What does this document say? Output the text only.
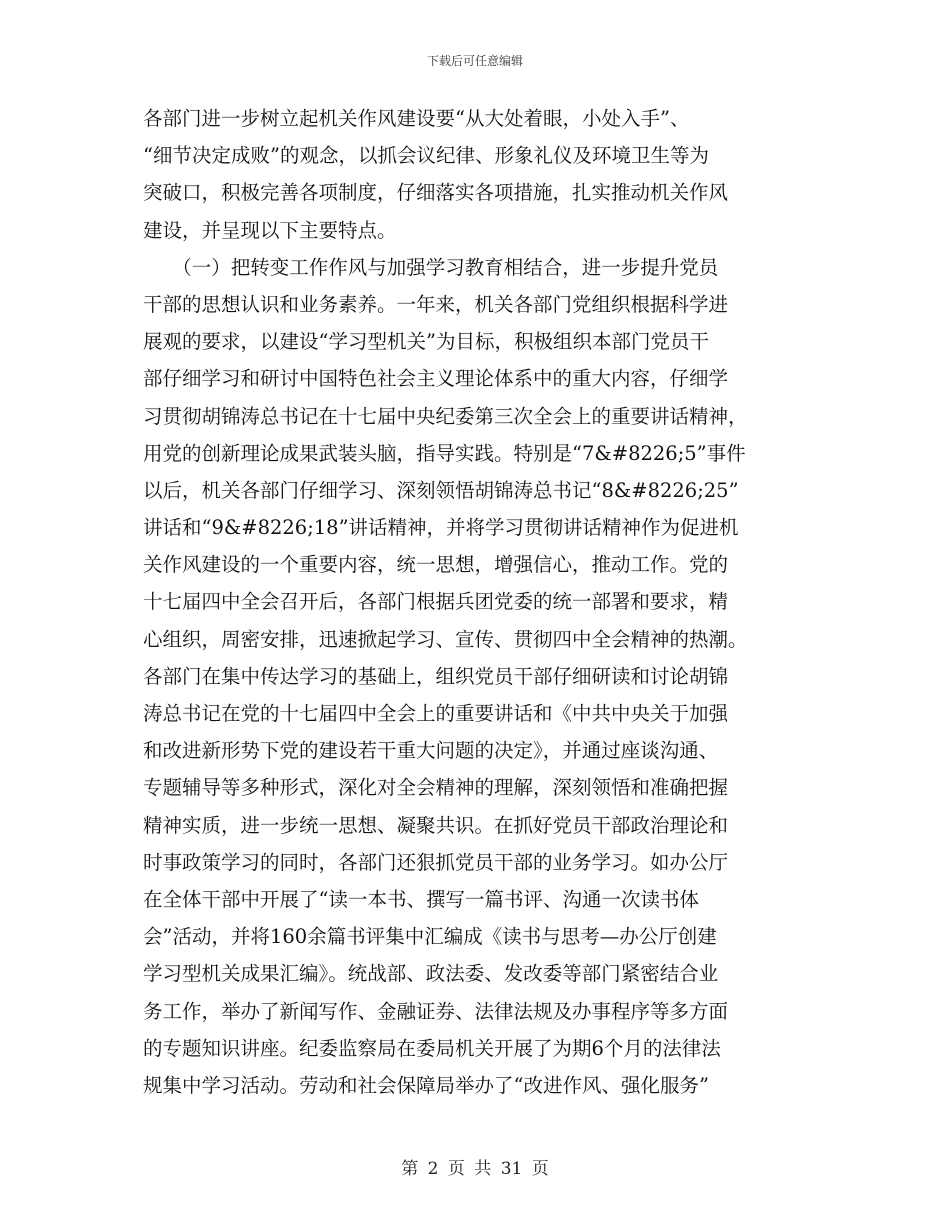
下载后可任意编辑
各部门进一步树立起机关作风建设要“从大处着眼，小处入手”、
“细节决定成败”的观念，以抓会议纪律、形象礼仪及环境卫生等为
突破口，积极完善各项制度，仔细落实各项措施，扎实推动机关作风
建设，并呈现以下主要特点。
　　（一）把转变工作作风与加强学习教育相结合，进一步提升党员
干部的思想认识和业务素养。一年来，机关各部门党组织根据科学进
展观的要求，以建设“学习型机关”为目标，积极组织本部门党员干
部仔细学习和研讨中国特色社会主义理论体系中的重大内容，仔细学
习贯彻胡锦涛总书记在十七届中央纪委第三次全会上的重要讲话精神，
用党的创新理论成果武装头脑，指导实践。特别是“7&#8226;5”事件
以后，机关各部门仔细学习、深刻领悟胡锦涛总书记“8&#8226;25”
讲话和“9&#8226;18”讲话精神，并将学习贯彻讲话精神作为促进机
关作风建设的一个重要内容，统一思想，增强信心，推动工作。党的
十七届四中全会召开后，各部门根据兵团党委的统一部署和要求，精
心组织，周密安排，迅速掀起学习、宣传、贯彻四中全会精神的热潮。
各部门在集中传达学习的基础上，组织党员干部仔细研读和讨论胡锦
涛总书记在党的十七届四中全会上的重要讲话和《中共中央关于加强
和改进新形势下党的建设若干重大问题的决定》，并通过座谈沟通、
专题辅导等多种形式，深化对全会精神的理解，深刻领悟和准确把握
精神实质，进一步统一思想、凝聚共识。在抓好党员干部政治理论和
时事政策学习的同时，各部门还狠抓党员干部的业务学习。如办公厅
在全体干部中开展了“读一本书、撰写一篇书评、沟通一次读书体
会”活动，并将160余篇书评集中汇编成《读书与思考—办公厅创建
学习型机关成果汇编》。统战部、政法委、发改委等部门紧密结合业
务工作，举办了新闻写作、金融证券、法律法规及办事程序等多方面
的专题知识讲座。纪委监察局在委局机关开展了为期6个月的法律法
规集中学习活动。劳动和社会保障局举办了“改进作风、强化服务”
第 2 页 共 31 页
